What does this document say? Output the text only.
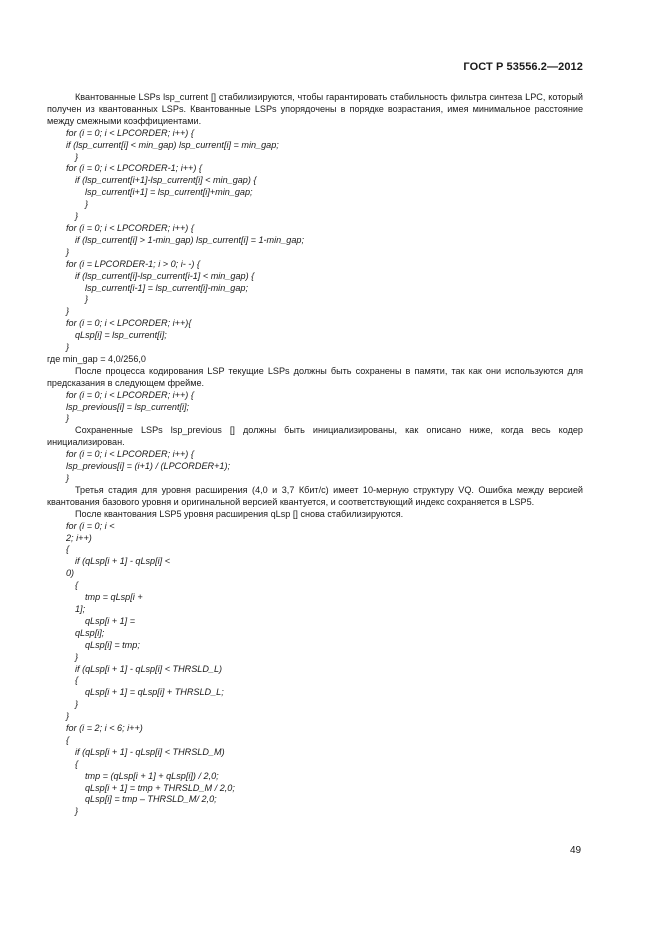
ГОСТ Р 53556.2—2012
Квантованные LSPs lsp_current [] стабилизируются, чтобы гарантировать стабильность фильтра синтеза LPC, который получен из квантованных LSPs. Квантованные LSPs упорядочены в порядке возрастания, имея минимальное расстояние между смежными коэффициентами.
for (i = 0; i < LPCORDER; i++) {
if (lsp_current[i] < min_gap) lsp_current[i] = min_gap;
}
for (i = 0; i < LPCORDER-1; i++) {
if (lsp_current[i+1]-lsp_current[i] < min_gap) {
lsp_current[i+1] = lsp_current[i]+min_gap;
}
}
for (i = 0; i < LPCORDER; i++) {
if (lsp_current[i] > 1-min_gap) lsp_current[i] = 1-min_gap;
}
for (i = LPCORDER-1; i > 0; i- -) {
if (lsp_current[i]-lsp_current[i-1] < min_gap) {
lsp_current[i-1] = lsp_current[i]-min_gap;
}
}
for (i = 0; i < LPCORDER; i++){
qLsp[i] = lsp_current[i];
}
где min_gap = 4,0/256,0
После процесса кодирования LSP текущие LSPs должны быть сохранены в памяти, так как они используются для предсказания в следующем фрейме.
for (i = 0; i < LPCORDER; i++) {
lsp_previous[i] = lsp_current[i];
}
Сохраненные LSPs lsp_previous [] должны быть инициализированы, как описано ниже, когда весь кодер инициализирован.
for (i = 0; i < LPCORDER; i++) {
lsp_previous[i] = (i+1) / (LPCORDER+1);
}
Третья стадия для уровня расширения (4,0 и 3,7 Кбит/с) имеет 10-мерную структуру VQ. Ошибка между версией квантования базового уровня и оригинальной версией квантуется, и соответствующий индекс сохраняется в LSP5.
После квантования LSP5 уровня расширения qLsp [] снова стабилизируются.
for (i = 0; i <
2; i++)
{
if (qLsp[i + 1] - qLsp[i] <
0)
{
tmp = qLsp[i +
1];
qLsp[i + 1] =
qLsp[i];
qLsp[i] = tmp;
}
if (qLsp[i + 1] - qLsp[i] < THRSLD_L)
{
qLsp[i + 1] = qLsp[i] + THRSLD_L;
}
}
for (i = 2; i < 6; i++)
{
if (qLsp[i + 1] - qLsp[i] < THRSLD_M)
{
tmp = (qLsp[i + 1] + qLsp[i]) / 2,0;
qLsp[i + 1] = tmp + THRSLD_M / 2,0;
qLsp[i] = tmp – THRSLD_M/ 2,0;
}
49
